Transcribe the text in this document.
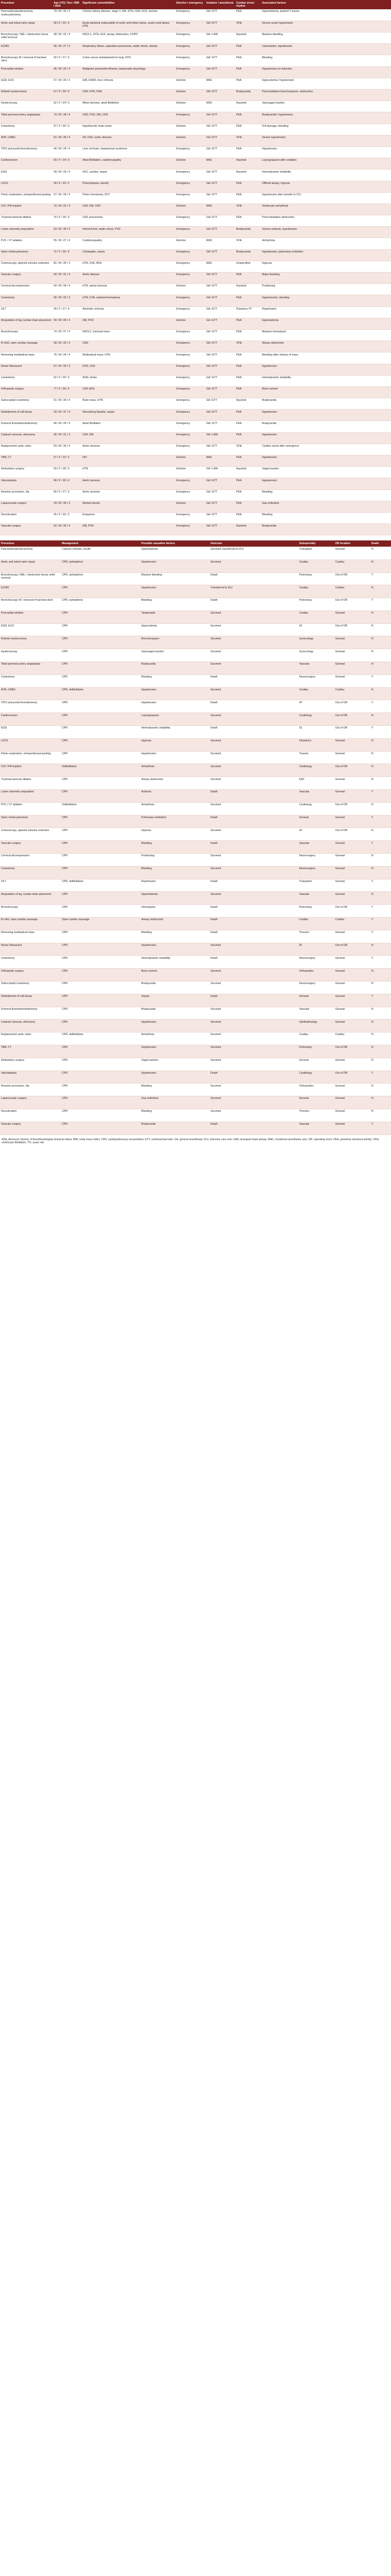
Procedure	Age (YO) / Sex / BMI / ASA	Significant comorbidities	Elective / emergency	Isolation / anesthesia	Cardiac arrest rhythm	Associated factors
Pancreaticoduodenectomy, cholecystectomy	79 / M / 26 / 3	Chronic kidney disease, stage V, DM, HTN, OSA, HLD, anemia	Emergency	GA / ETT	PEA	Hyperkalemia, peaked T-waves
Aortic and mitral valve repair	58 / F / 32 / 4	Acute bacterial endocarditis of aortic and mitral valves, acute renal failure, HTN	Emergency	GA / ETT	VFib	Severe acute hypotension
Bronchoscopy / BAL / obstruction tissue relief removal	68 / M / 22 / 4	NSCLC, HTN, HLD, airway obstruction, COPD	Emergency	GA / LMA	Asystole	Massive bleeding
ECMO	66 / M / 27 / 4	Respiratory failure, aspiration pneumonia, septic shock, obesity	Emergency	GA / ETT	PEA	Cannulation, hypotension
Bronchoscopy W / removal of tracheal stent	60 / F / 27 / 3	Colon cancer metastasized to lung, HTN	Emergency	GA / ETT	PEA	Bleeding
Pericardial window	46 / M / 23 / 4	Malignant pericardial effusion, tamponade physiology	Emergency	GA / ETT	PEA	Hypotension on induction
EGD, EUS	57 / M / 26 / 3	GIB, ESRD, liver cirrhosis	Elective	MAC	PEA	Hypovolemia / hypotension
Robotic hysterectomy	67 / F / 30 / 4	CHF, HTN, OSA	Elective	GA / ETT	Bradycardia	Post-intubation bronchospasm, obstruction
Hysteroscopy	62 / F / 24 / 3	Mitral stenosis, atrial fibrillation	Elective	MAC	Asystole	Vasovagal reaction
Tibial peroneal artery angioplasty	73 / M / 28 / 4	CAD, PVD, DM, CKD	Emergency	GA / ETT	PEA	Bradycardia / hypotension
Craniotomy	47 / F / 30 / 3	Hypothyroid, brain tumor	Elective	GA / ETT	PEA	ICA damage, bleeding
AVR, CABG	51 / M / 36 / 4	HF, CKD, aortic stenosis	Elective	GA / ETT	VFib	Severe hypotension
TIPS and portal thrombectomy	44 / M / 24 / 4	Liver cirrhosis, hepatorenal syndrome	Emergency	GA / ETT	PEA	Hypotension
Cardioversion	69 / F / 24 / 3	Atrial fibrillation, cardiomyopathy	Elective	MAC	Asystole	Laryngospasm after sedation
EGD	59 / M / 25 / 4	HCC, ascites, sepsis	Emergency	GA / ETT	Asystole	Hemodynamic instability
LSCS	28 / F / 33 / 2	Preeclampsia, obesity	Emergency	GA / ETT	PEA	Difficult airway, hypoxia
Pelvic exploration, retroperitoneal packing	57 / M / 29 / 4	Pelvic hematoma, DVT	Emergency	GA / ETT	PEA	Hypotension after transfer to ICU
ICD / PM implant	70 / M / 22 / 3	CHF, DM, CKD	Elective	MAC	VFib	Ventricular arrhythmia
Tracheal stenosis dilation	74 / F / 26 / 3	CHF, pneumonia	Emergency	GA / ETT	PEA	Post-extubation obstruction
Lower extremity amputation	63 / M / 30 / 4	Infected foot, septic shock, PVD	Emergency	GA / ETT	Bradycardia	Severe acidosis, hypotension
PVC / VT ablation	55 / M / 27 / 4	Cardiomyopathy	Elective	MAC	VFib	Arrhythmia
Open cholecystectomy	72 / F / 26 / 4	Cholangitis, sepsis	Emergency	GA / ETT	Bradycardia	Hypotension, pulmonary embolism
Colonoscopy, sigmoid volvulus reduction	81 / M / 30 / 3	HTN, CHF, AFib	Emergency	MAC	Unspecified	Hypoxia
Vascular surgery	60 / M / 31 / 4	Aortic disease	Emergency	GA / ETT	PEA	Major bleeding
Cervical decompression	64 / M / 34 / 4	HTN, spinal stenosis	Elective	GA / ETT	Asystole	Positioning
Craniotomy	56 / M / 25 / 3	HTN, CVA, subdural hematoma	Emergency	GA / ETT	PEA	Hypertension, bleeding
OLT	40 / F / 27 / 4	Alcoholic cirrhosis	Emergency	GA / ETT	Pulseless VT	Reperfusion
Amputation of leg, lumbar drain placement	69 / M / 28 / 4	DM, PVD	Elective	GA / ETT	PEA	Hyperkalemia
Bronchoscopy	74 / M / 27 / 4	NSCLC, tracheal mass	Emergency	GA / ETT	PEA	Massive hemoptysis
R-LAG, open cardiac massage	58 / M / 33 / 4	CAD	Emergency	GA / ETT	VFib	Airway obstruction
Removing mediastinal mass	75 / M / 24 / 4	Mediastinal mass, HTN	Emergency	GA / ETT	PEA	Bleeding after release of mass
Renal Ultrasound	67 / M / 29 / 3	HTN, CKD	Emergency	GA / ETT	PEA	Hypotension
Craniotomy	52 / F / 29 / 3	AVM, stroke	Emergency	GA / ETT	PEA	Hemodynamic instability
Orthopedic surgery	77 / F / 26 / 4	CHF, AFib	Emergency	GA / ETT	PEA	Bone cement
Suboccipital craniotomy	61 / M / 34 / 4	Brain mass, HTN	Emergency	GA / ETT	Asystole	Bradycardia
Debridement of soft tissue	50 / M / 37 / 4	Necrotizing fasciitis, sepsis	Emergency	GA / ETT	PEA	Hypotension
Femoral thromboembolectomy	84 / M / 25 / 4	Atrial fibrillation	Emergency	GA / ETT	PEA	Bradycardia
Cataract removal, vitrectomy	66 / M / 31 / 3	CHF, DM	Emergency	GA / LMA	PEA	Hypotension
Replacement aortic valve	63 / M / 30 / 4	Aortic stenosis	Emergency	GA / ETT	VFib	Cardiac arrest after emergence
TBB, CT	27 / F / 22 / 2	HIV	Elective	MAC	PEA	Hypotension
Ambulatory surgery	59 / F / 28 / 3	HTN	Elective	GA / LMA	Asystole	Vagal reaction
Valvuloplasty	68 / F / 30 / 4	Aortic stenosis	Emergency	GA / ETT	PEA	Hypotension
Revision procedure, hip	80 / F / 27 / 3	Aortic stenosis	Emergency	GA / ETT	PEA	Bleeding
Laparoscopic surgery	29 / M / 35 / 3	Morbid obesity	Elective	GA / ETT	PEA	Gas embolism
Decortication	45 / F / 33 / 3	Empyema	Emergency	GA / ETT	PEA	Bleeding
Vascular surgery	62 / M / 30 / 4	DM, PVD	Emergency	GA / ETT	Asystole	Bradycardia
Procedure	Management	Possible causative factors	Outcome	Subspecialty	OR location	Death
Pancreaticoduodenectomy	Calcium chloride, insulin	Hyperkalemia	Survived, transferred to ICU	Transplant	General	N
Aortic and mitral valve repair	CPR, epinephrine	Hypotension	Survived	Cardiac	Cardiac	N
Bronchoscopy / BAL / obstruction tissue relief removal	CPR, epinephrine	Massive bleeding	Death	Pulmonary	Out of OR	Y
ECMO	CPR	Hypotension	Transferred to ICU	Cardiac	Cardiac	N
Bronchoscopy W / removal of tracheal stent	CPR, epinephrine	Bleeding	Death	Pulmonary	Out of OR	Y
Pericardial window	CPR	Tamponade	Survived	Cardiac	General	N
EGD, EUS	CPR	Hypovolemia	Survived	GI	Out of OR	N
Robotic hysterectomy	CPR	Bronchospasm	Survived	Gynecology	General	N
Hysteroscopy	CPR	Vasovagal reaction	Survived	Gynecology	General	N
Tibial peroneal artery angioplasty	CPR	Bradycardia	Survived	Vascular	General	N
Craniotomy	CPR	Bleeding	Death	Neurosurgery	General	Y
AVR, CABG	CPR, defibrillation	Hypotension	Survived	Cardiac	Cardiac	N
TIPS and portal thrombectomy	CPR	Hypotension	Death	IR	Out of OR	Y
Cardioversion	CPR	Laryngospasm	Survived	Cardiology	Out of OR	N
EGD	CPR	Hemodynamic instability	Death	GI	Out of OR	Y
LSCS	CPR	Hypoxia	Survived	Obstetrics	General	N
Pelvic exploration, retroperitoneal packing	CPR	Hypotension	Survived	Trauma	General	N
ICD / PM implant	Defibrillation	Arrhythmia	Survived	Cardiology	Out of OR	N
Tracheal stenosis dilation	CPR	Airway obstruction	Survived	ENT	General	N
Lower extremity amputation	CPR	Acidosis	Death	Vascular	General	Y
PVC / VT ablation	Defibrillation	Arrhythmia	Survived	Cardiology	Out of OR	N
Open cholecystectomy	CPR	Pulmonary embolism	Death	General	General	Y
Colonoscopy, sigmoid volvulus reduction	CPR	Hypoxia	Survived	GI	Out of OR	N
Vascular surgery	CPR	Bleeding	Death	Vascular	General	Y
Cervical decompression	CPR	Positioning	Survived	Neurosurgery	General	N
Craniotomy	CPR	Bleeding	Survived	Neurosurgery	General	N
OLT	CPR, defibrillation	Reperfusion	Death	Transplant	General	Y
Amputation of leg, lumbar drain placement	CPR	Hyperkalemia	Survived	Vascular	General	N
Bronchoscopy	CPR	Hemoptysis	Death	Pulmonary	Out of OR	Y
R-LAG, open cardiac massage	Open cardiac massage	Airway obstruction	Death	Cardiac	Cardiac	Y
Removing mediastinal mass	CPR	Bleeding	Death	Thoracic	General	Y
Renal Ultrasound	CPR	Hypotension	Survived	IR	Out of OR	N
Craniotomy	CPR	Hemodynamic instability	Death	Neurosurgery	General	Y
Orthopedic surgery	CPR	Bone cement	Survived	Orthopedics	General	N
Suboccipital craniotomy	CPR	Bradycardia	Survived	Neurosurgery	General	N
Debridement of soft tissue	CPR	Sepsis	Death	General	General	Y
Femoral thromboembolectomy	CPR	Bradycardia	Survived	Vascular	General	N
Cataract removal, vitrectomy	CPR	Hypotension	Survived	Ophthalmology	General	N
Replacement aortic valve	CPR, defibrillation	Arrhythmia	Survived	Cardiac	Cardiac	N
TBB, CT	CPR	Hypotension	Survived	Pulmonary	Out of OR	N
Ambulatory surgery	CPR	Vagal reaction	Survived	General	General	N
Valvuloplasty	CPR	Hypotension	Death	Cardiology	Out of OR	Y
Revision procedure, hip	CPR	Bleeding	Survived	Orthopedics	General	N
Laparoscopic surgery	CPR	Gas embolism	Survived	General	General	N
Decortication	CPR	Bleeding	Survived	Thoracic	General	N
Vascular surgery	CPR	Bradycardia	Death	Vascular	General	Y
ASA, American Society of Anesthesiologists physical status; BMI, body mass index; CPR, cardiopulmonary resuscitation; ETT, endotracheal tube; GA, general anesthesia; ICU, intensive care unit; LMA, laryngeal mask airway; MAC, monitored anesthesia care; OR, operating room; PEA, pulseless electrical activity; VFib, ventricular fibrillation; YO, years old.
